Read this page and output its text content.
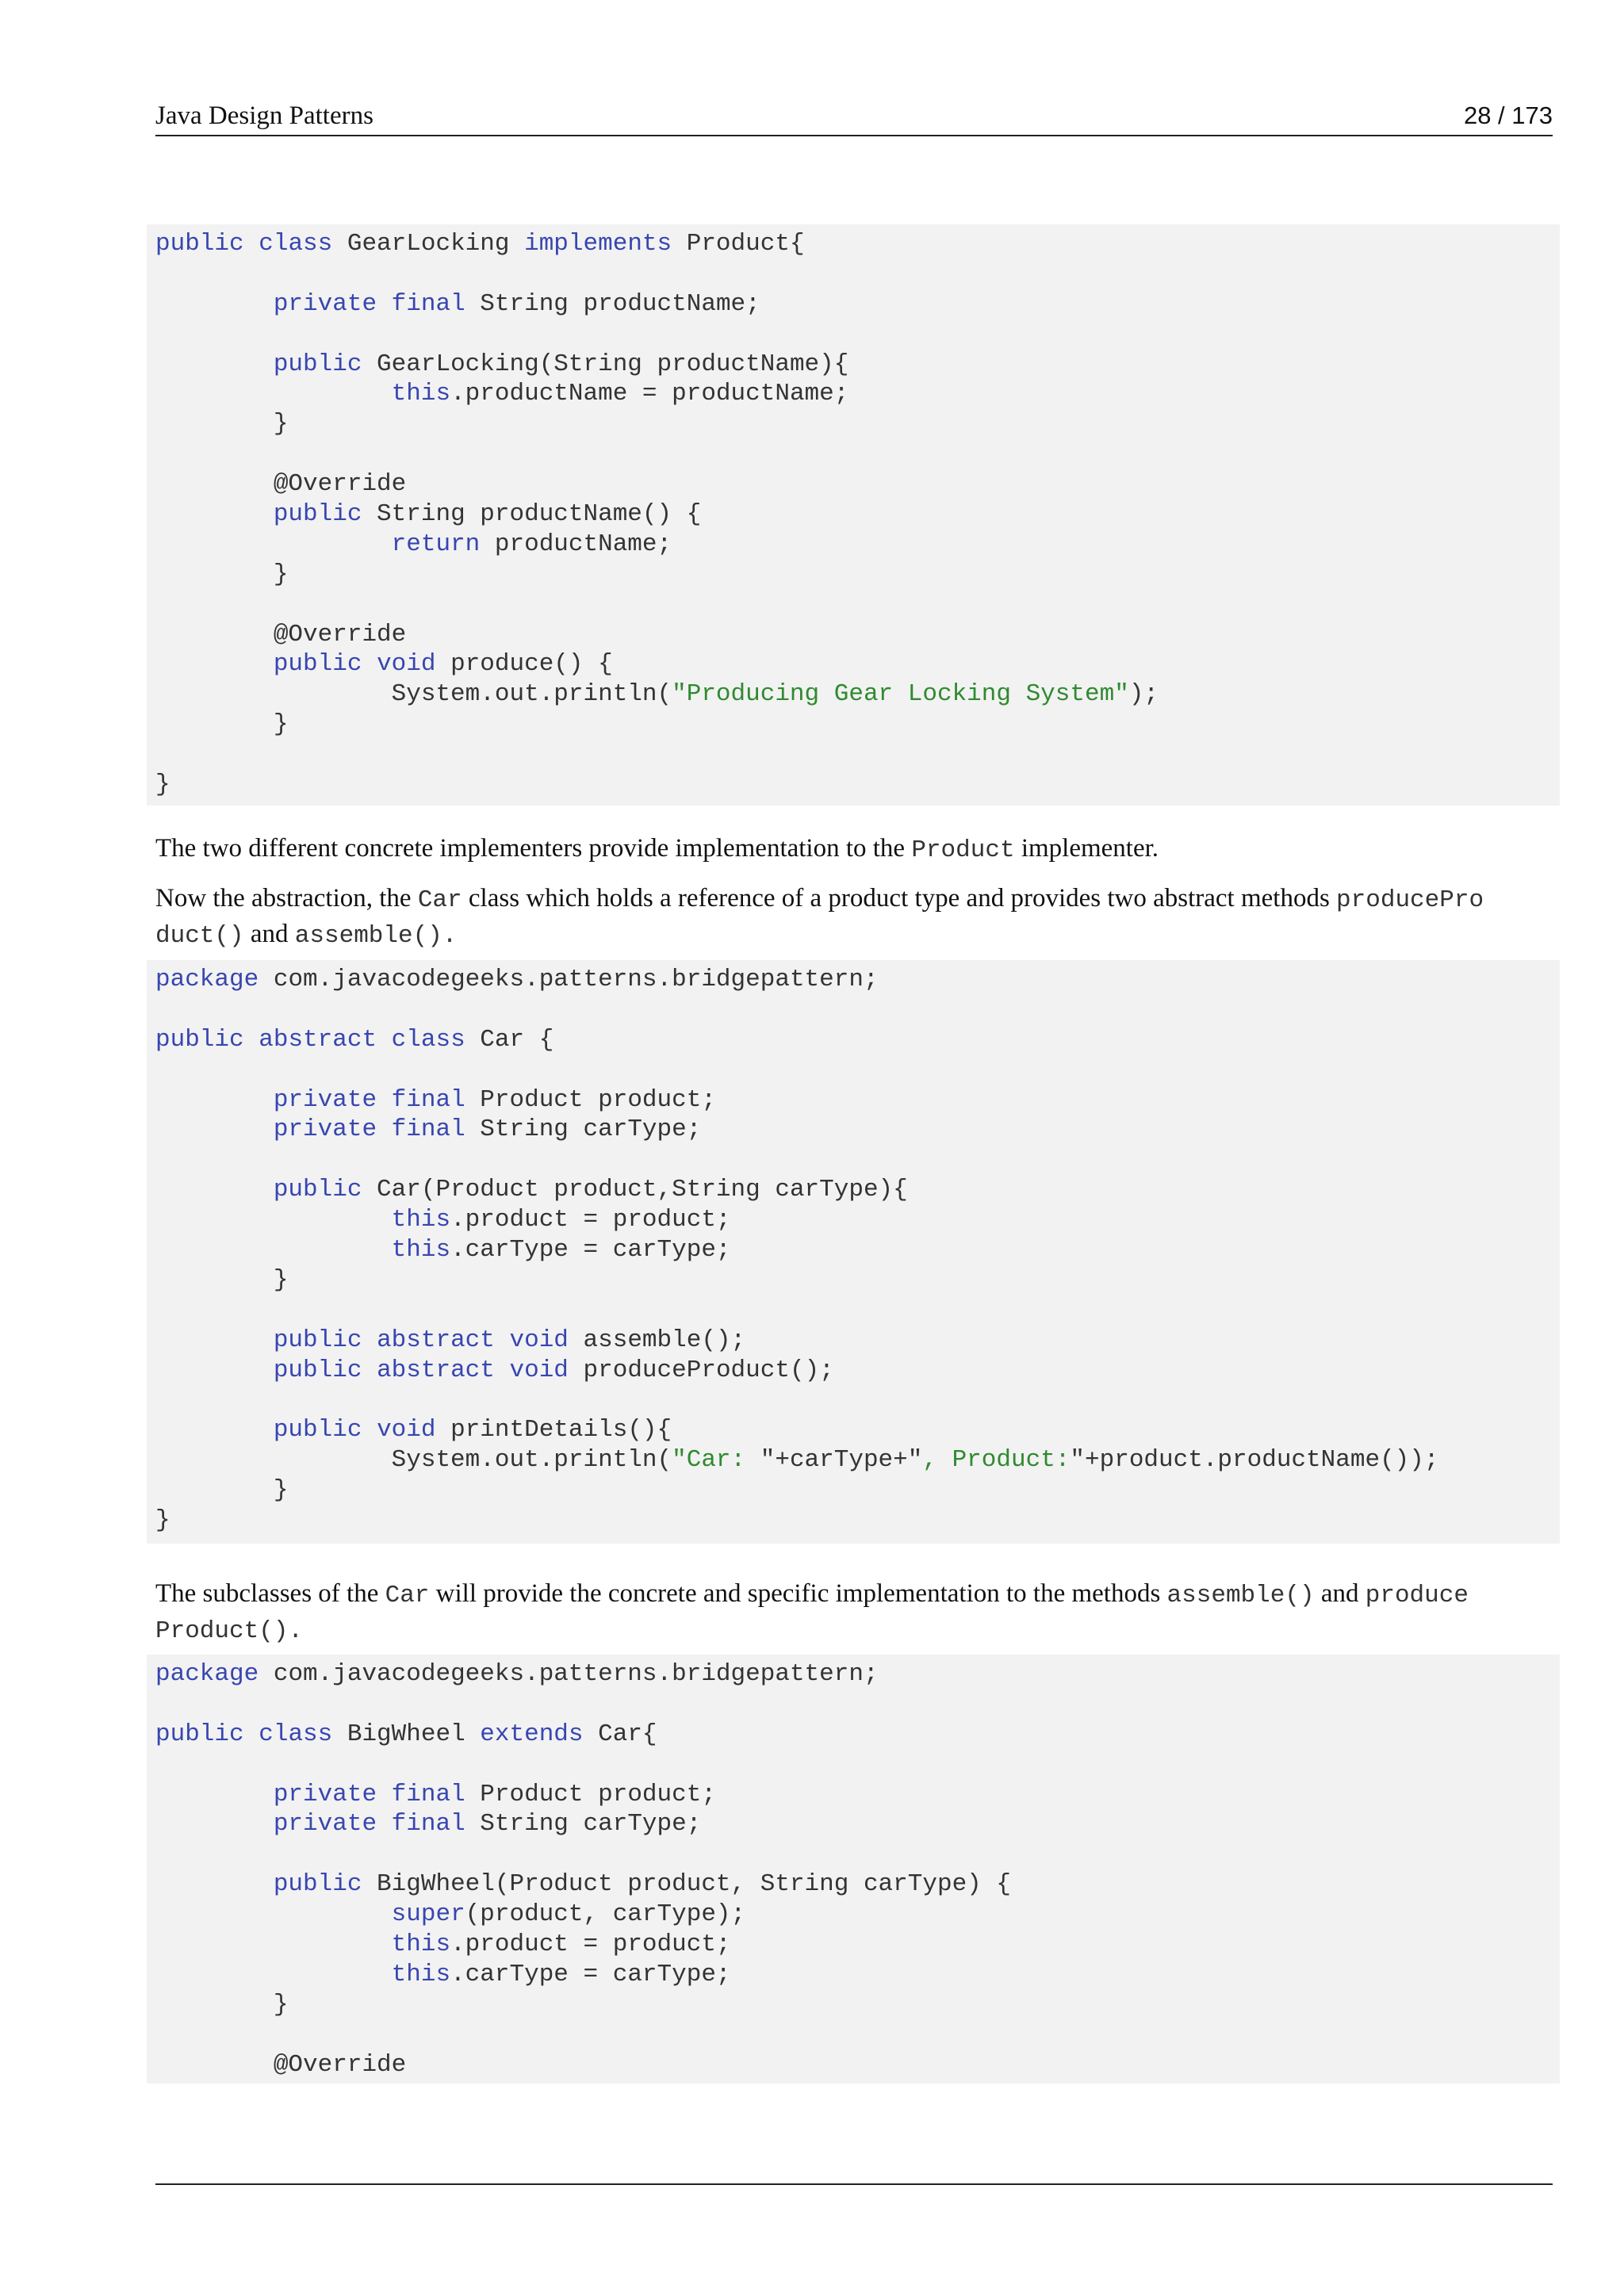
Java Design Patterns	28 / 173
public class GearLocking implements Product{
private final String productName;
public GearLocking(String productName){
this.productName = productName;
}
@Override
public String productName() {
return productName;
}
@Override
public void produce() {
System.out.println("Producing Gear Locking System");
}
}

The two different concrete implementers provide implementation to the Product implementer.

Now the abstraction, the Car class which holds a reference of a product type and provides two abstract methods producePro
duct() and assemble().

package com.javacodegeeks.patterns.bridgepattern;
public abstract class Car {
private final Product product;
private final String carType;
public Car(Product product,String carType){
this.product = product;
this.carType = carType;
}
public abstract void assemble();
public abstract void produceProduct();
public void printDetails(){
System.out.println("Car: "+carType+", Product:"+product.productName());
}
}

The subclasses of the Car will provide the concrete and specific implementation to the methods assemble() and produce
Product().

package com.javacodegeeks.patterns.bridgepattern;
public class BigWheel extends Car{
private final Product product;
private final String carType;
public BigWheel(Product product, String carType) {
super(product, carType);
this.product = product;
this.carType = carType;
}
@Override
